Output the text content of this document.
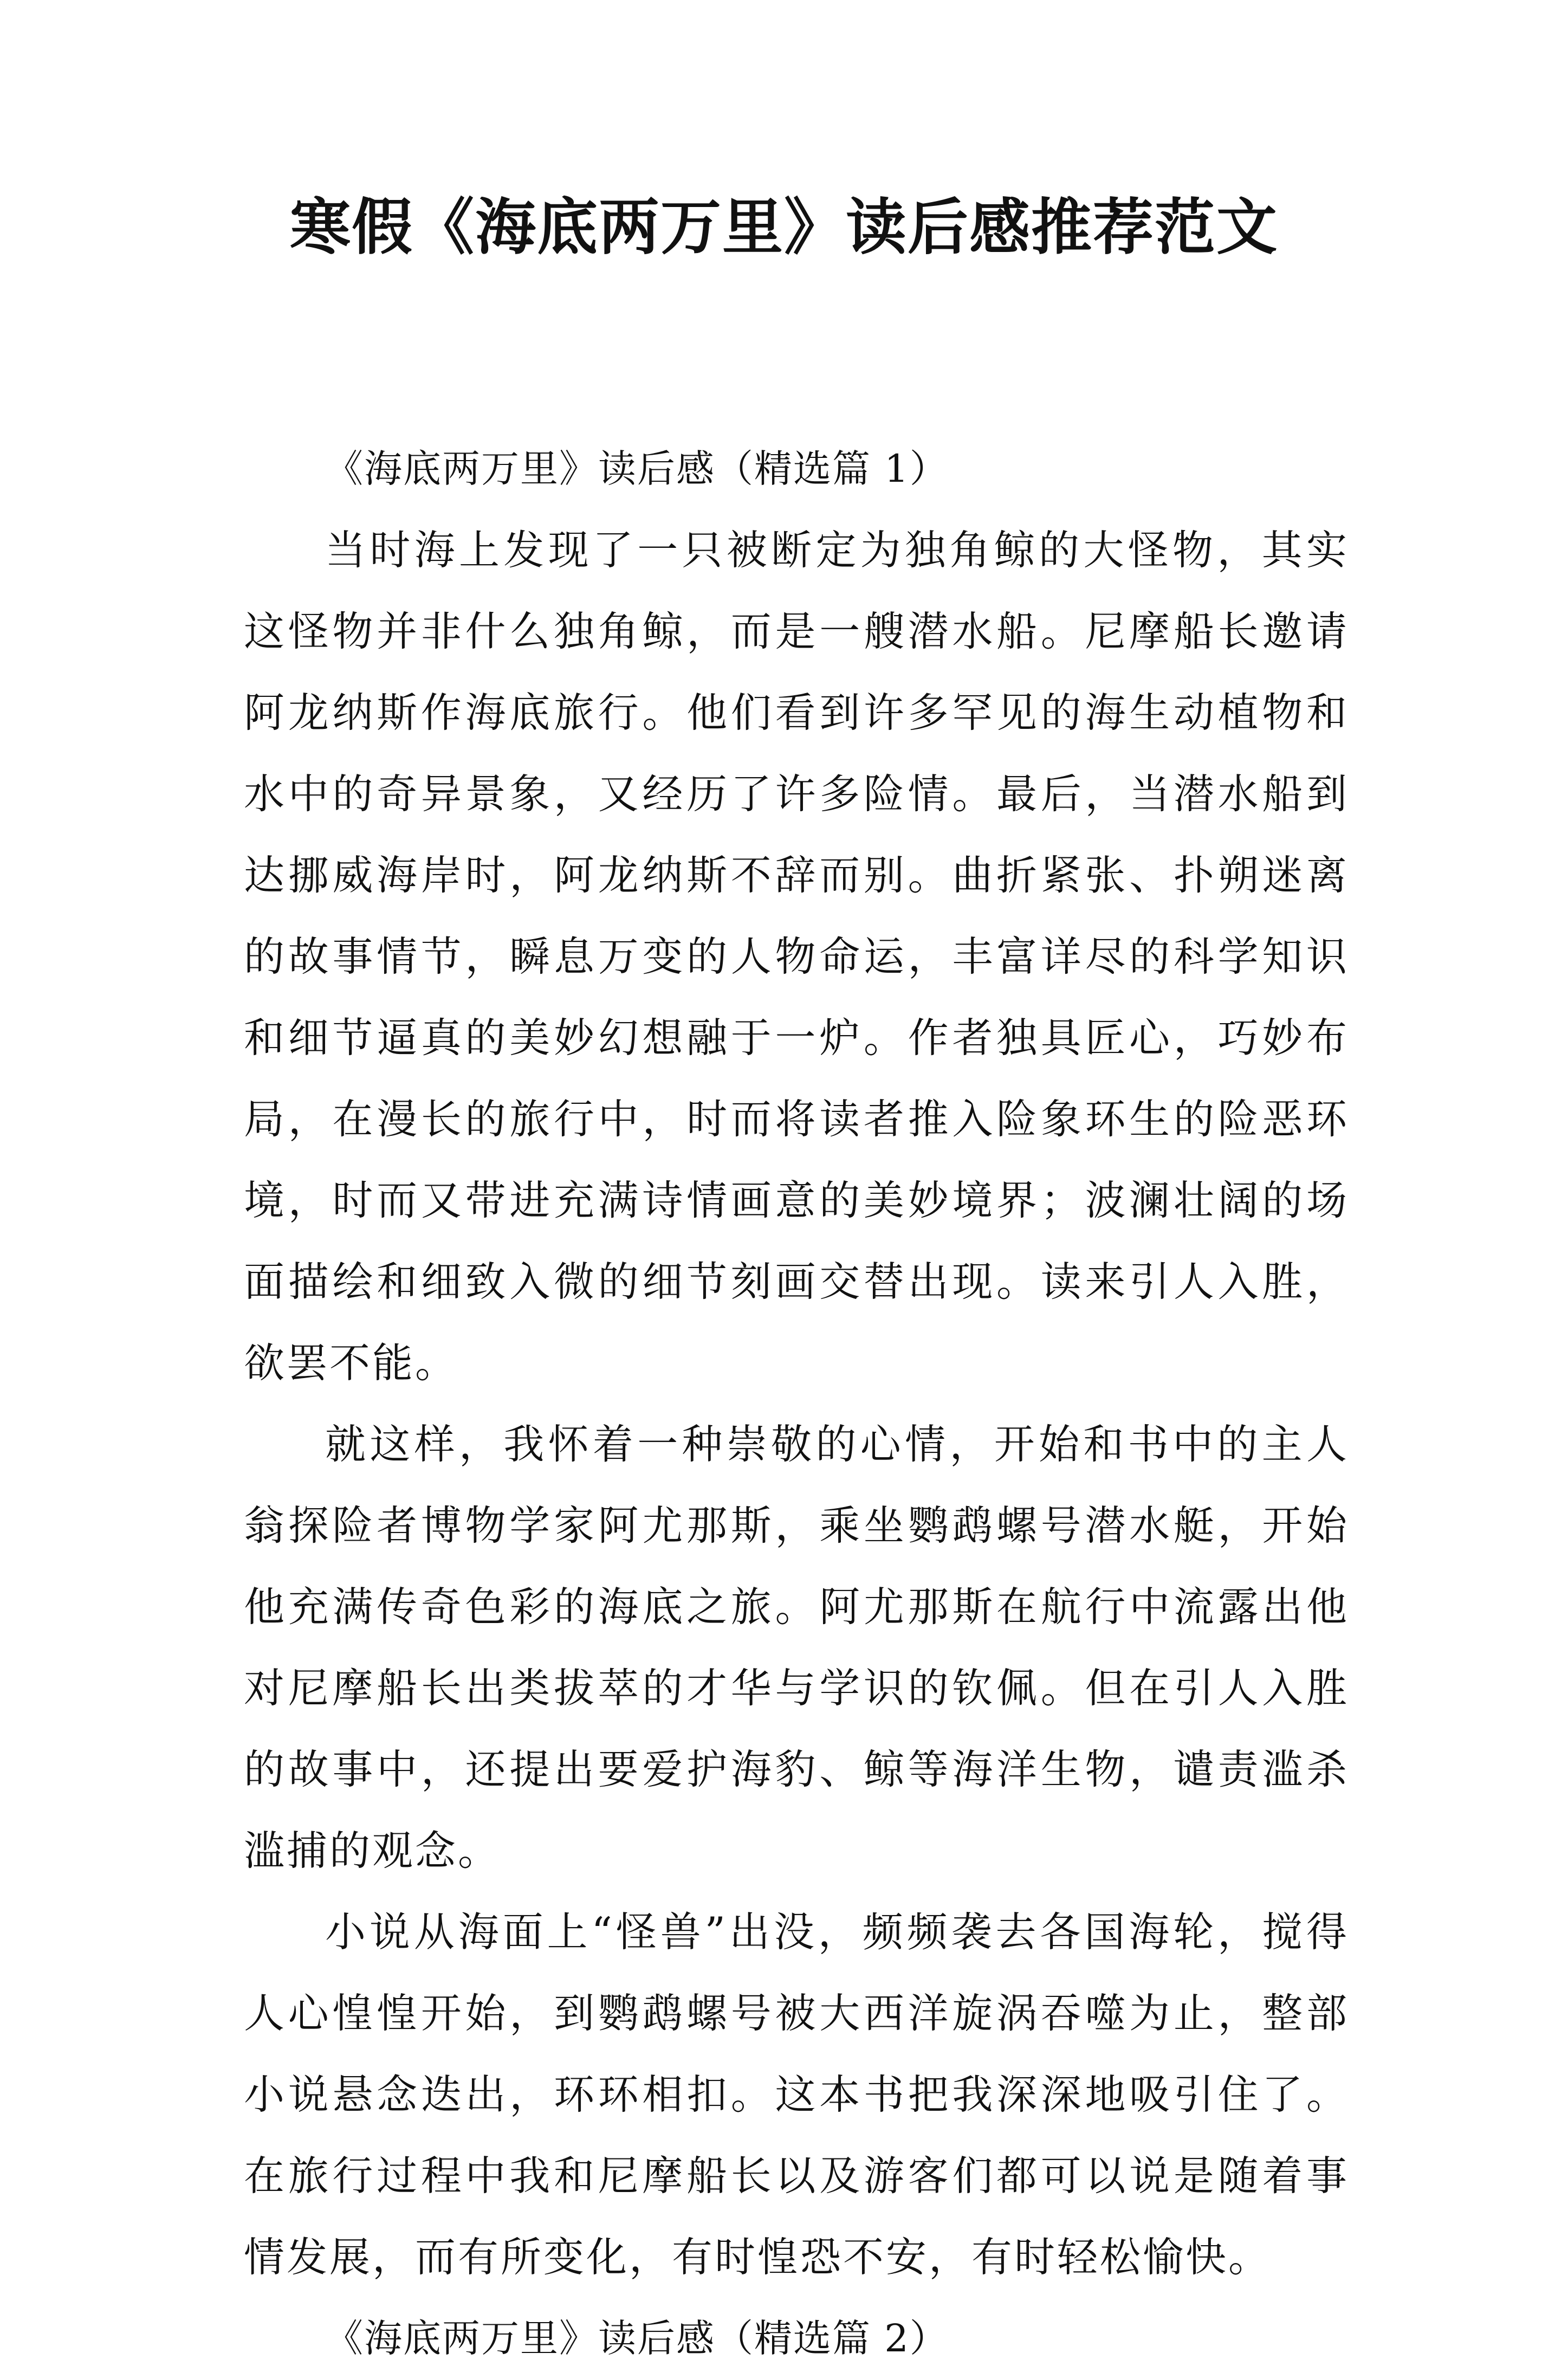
寒假《海底两万里》读后感推荐范文

《海底两万里》读后感（精选篇 1）

当时海上发现了一只被断定为独角鲸的大怪物，其实这怪物并非什么独角鲸，而是一艘潜水船。尼摩船长邀请阿龙纳斯作海底旅行。他们看到许多罕见的海生动植物和水中的奇异景象，又经历了许多险情。最后，当潜水船到达挪威海岸时，阿龙纳斯不辞而别。曲折紧张、扑朔迷离的故事情节，瞬息万变的人物命运，丰富详尽的科学知识和细节逼真的美妙幻想融于一炉。作者独具匠心，巧妙布局，在漫长的旅行中，时而将读者推入险象环生的险恶环境，时而又带进充满诗情画意的美妙境界；波澜壮阔的场面描绘和细致入微的细节刻画交替出现。读来引人入胜，欲罢不能。

就这样，我怀着一种崇敬的心情，开始和书中的主人翁探险者博物学家阿尤那斯，乘坐鹦鹉螺号潜水艇，开始他充满传奇色彩的海底之旅。阿尤那斯在航行中流露出他对尼摩船长出类拔萃的才华与学识的钦佩。但在引人入胜的故事中，还提出要爱护海豹、鲸等海洋生物，谴责滥杀滥捕的观念。

小说从海面上“怪兽”出没，频频袭去各国海轮，搅得人心惶惶开始，到鹦鹉螺号被大西洋旋涡吞噬为止，整部小说悬念迭出，环环相扣。这本书把我深深地吸引住了。在旅行过程中我和尼摩船长以及游客们都可以说是随着事情发展，而有所变化，有时惶恐不安，有时轻松愉快。

《海底两万里》读后感（精选篇 2）
